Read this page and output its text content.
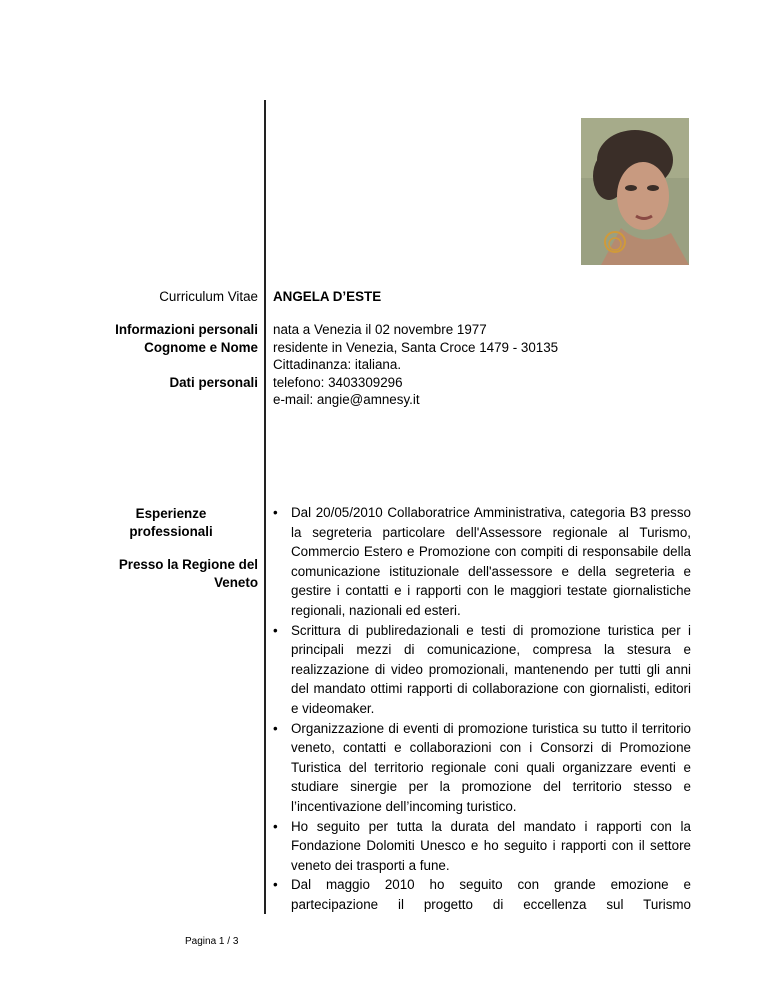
Curriculum Vitae ANGELA D’ESTE
Informazioni personali
Cognome e Nome
Dati personali
nata a Venezia il 02 novembre 1977
residente in Venezia, Santa Croce 1479 - 30135
Cittadinanza: italiana.
telefono: 3403309296
e-mail: angie@amnesy.it
Esperienze
professionali
Presso la Regione del
Veneto
• Dal 20/05/2010 Collaboratrice Amministrativa, categoria B3 presso la segreteria particolare dell'Assessore regionale al Turismo, Commercio Estero e Promozione con compiti di responsabile della comunicazione istituzionale dell'assessore e della segreteria e gestire i contatti e i rapporti con le maggiori testate giornalistiche regionali, nazionali ed esteri.
• Scrittura di publiredazionali e testi di promozione turistica per i principali mezzi di comunicazione, compresa la stesura e realizzazione di video promozionali, mantenendo per tutti gli anni del mandato ottimi rapporti di collaborazione con giornalisti, editori e videomaker.
• Organizzazione di eventi di promozione turistica su tutto il territorio veneto, contatti e collaborazioni con i Consorzi di Promozione Turistica del territorio regionale coni quali organizzare eventi e studiare sinergie per la promozione del territorio stesso e l’incentivazione dell’incoming turistico.
• Ho seguito per tutta la durata del mandato i rapporti con la Fondazione Dolomiti Unesco e ho seguito i rapporti con il settore veneto dei trasporti a fune.
• Dal maggio 2010 ho seguito con grande emozione e partecipazione il progetto di eccellenza sul Turismo
Pagina 1 / 3
